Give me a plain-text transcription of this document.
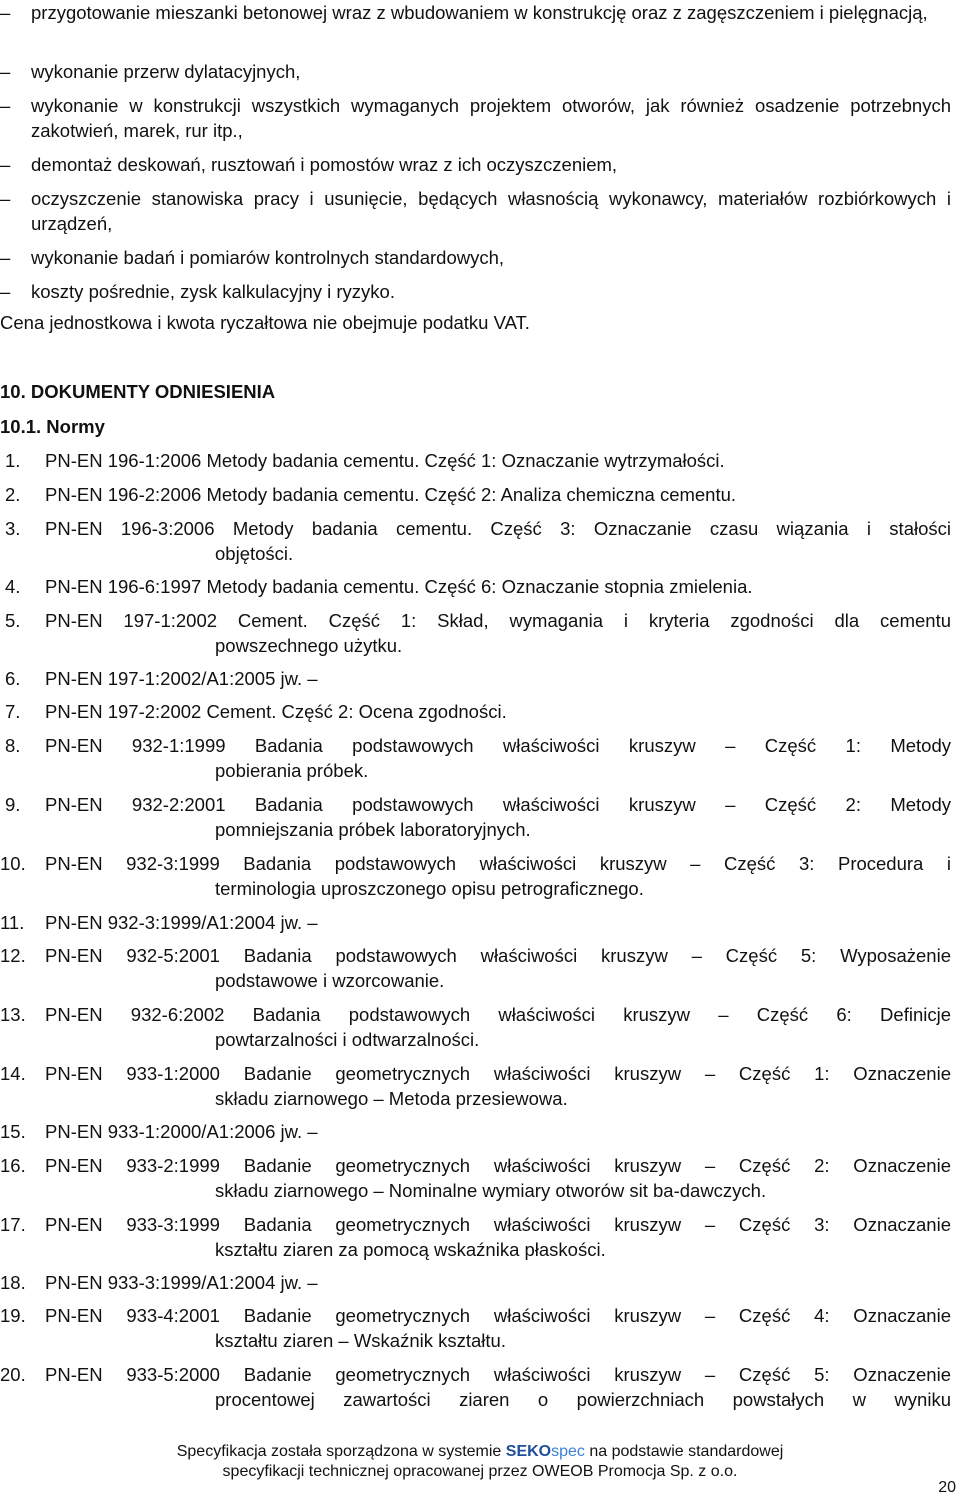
– przygotowanie mieszanki betonowej wraz z wbudowaniem w konstrukcję oraz z zagęszczeniem i pielęgnacją,
– wykonanie przerw dylatacyjnych,
– wykonanie w konstrukcji wszystkich wymaganych projektem otworów, jak również osadzenie potrzebnych zakotwień, marek, rur itp.,
– demontaż deskowań, rusztowań i pomostów wraz z ich oczyszczeniem,
– oczyszczenie stanowiska pracy i usunięcie, będących własnością wykonawcy, materiałów rozbiórkowych i urządzeń,
– wykonanie badań i pomiarów kontrolnych standardowych,
– koszty pośrednie, zysk kalkulacyjny i ryzyko.
Cena jednostkowa i kwota ryczałtowa nie obejmuje podatku VAT.
10. DOKUMENTY ODNIESIENIA
10.1. Normy
1. PN-EN 196-1:2006 Metody badania cementu. Część 1: Oznaczanie wytrzymałości.
2. PN-EN 196-2:2006 Metody badania cementu. Część 2: Analiza chemiczna cementu.
3. PN-EN 196-3:2006 Metody badania cementu. Część 3: Oznaczanie czasu wiązania i stałości
objętości.
4. PN-EN 196-6:1997 Metody badania cementu. Część 6: Oznaczanie stopnia zmielenia.
5. PN-EN 197-1:2002 Cement. Część 1: Skład, wymagania i kryteria zgodności dla cementu
powszechnego użytku.
6. PN-EN 197-1:2002/A1:2005 jw. –
7. PN-EN 197-2:2002 Cement. Część 2: Ocena zgodności.
8. PN-EN 932-1:1999 Badania podstawowych właściwości kruszyw – Część 1: Metody
pobierania próbek.
9. PN-EN 932-2:2001 Badania podstawowych właściwości kruszyw – Część 2: Metody
pomniejszania próbek laboratoryjnych.
10. PN-EN 932-3:1999 Badania podstawowych właściwości kruszyw – Część 3: Procedura i
terminologia uproszczonego opisu petrograficznego.
11. PN-EN 932-3:1999/A1:2004 jw. –
12. PN-EN 932-5:2001 Badania podstawowych właściwości kruszyw – Część 5: Wyposażenie
podstawowe i wzorcowanie.
13. PN-EN 932-6:2002 Badania podstawowych właściwości kruszyw – Część 6: Definicje
powtarzalności i odtwarzalności.
14. PN-EN 933-1:2000 Badanie geometrycznych właściwości kruszyw – Część 1: Oznaczenie
składu ziarnowego – Metoda przesiewowa.
15. PN-EN 933-1:2000/A1:2006 jw. –
16. PN-EN 933-2:1999 Badanie geometrycznych właściwości kruszyw – Część 2: Oznaczenie
składu ziarnowego – Nominalne wymiary otworów sit ba-dawczych.
17. PN-EN 933-3:1999 Badania geometrycznych właściwości kruszyw – Część 3: Oznaczanie
kształtu ziaren za pomocą wskaźnika płaskości.
18. PN-EN 933-3:1999/A1:2004 jw. –
19. PN-EN 933-4:2001 Badanie geometrycznych właściwości kruszyw – Część 4: Oznaczanie
kształtu ziaren – Wskaźnik kształtu.
20. PN-EN 933-5:2000 Badanie geometrycznych właściwości kruszyw – Część 5: Oznaczenie
procentowej zawartości ziaren o powierzchniach powstałych w wyniku
Specyfikacja została sporządzona w systemie SEKOspec na podstawie standardowej
specyfikacji technicznej opracowanej przez OWEOB Promocja Sp. z o.o.
20
